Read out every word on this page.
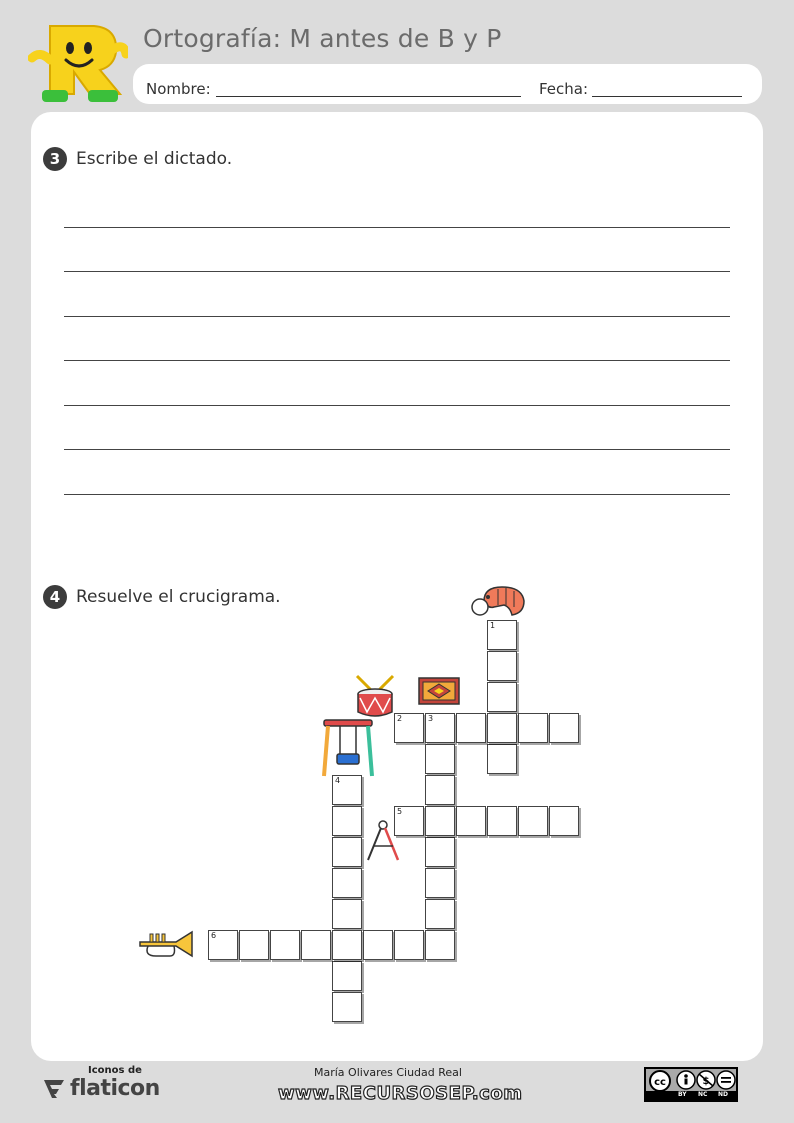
Ortografía: M antes de B y P
Nombre:	Fecha:
3 Escribe el dictado.
4 Resuelve el crucigrama.
1
2	3
5
4
6
Iconos de
flaticon
María Olivares Ciudad Real
www.RECURSOSEP.com
cc	$
BY NC ND
